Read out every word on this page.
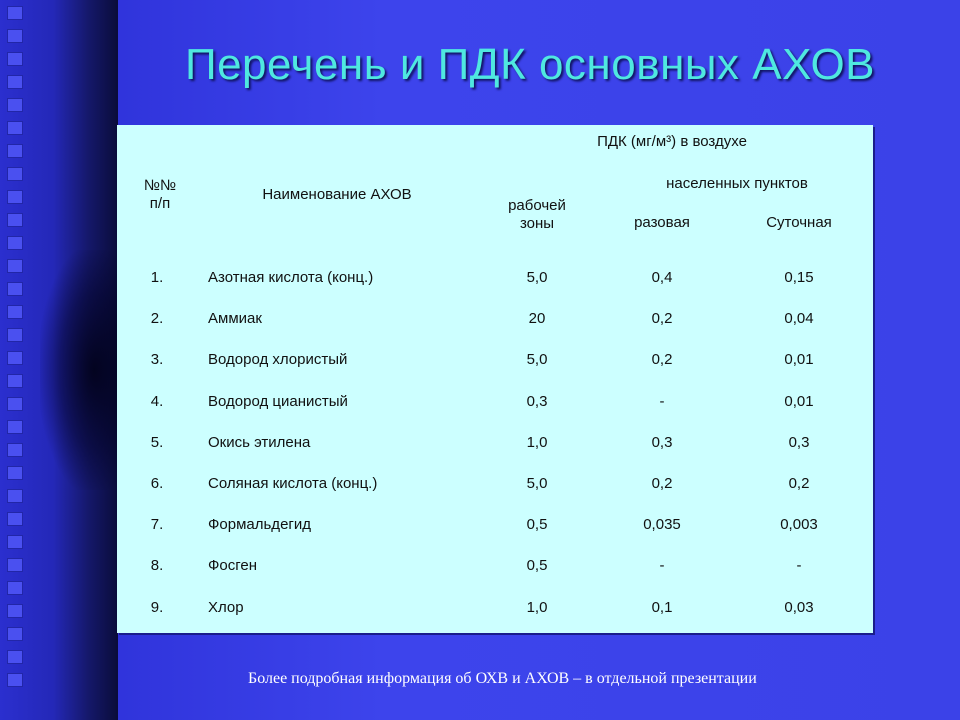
Перечень и ПДК основных АХОВ
№№
п/п
Наименование АХОВ
ПДК (мг/м³) в воздухе
рабочей
зоны
населенных пунктов
разовая	Суточная
1.	Азотная кислота (конц.)	5,0	0,4	0,15
2.	Аммиак	20	0,2	0,04
3.	Водород хлористый	5,0	0,2	0,01
4.	Водород цианистый	0,3	-	0,01
5.	Окись этилена	1,0	0,3	0,3
6.	Соляная кислота (конц.)	5,0	0,2	0,2
7.	Формальдегид	0,5	0,035	0,003
8.	Фосген	0,5	-	-
9.	Хлор	1,0	0,1	0,03
Более подробная информация об ОХВ и АХОВ – в отдельной презентации
